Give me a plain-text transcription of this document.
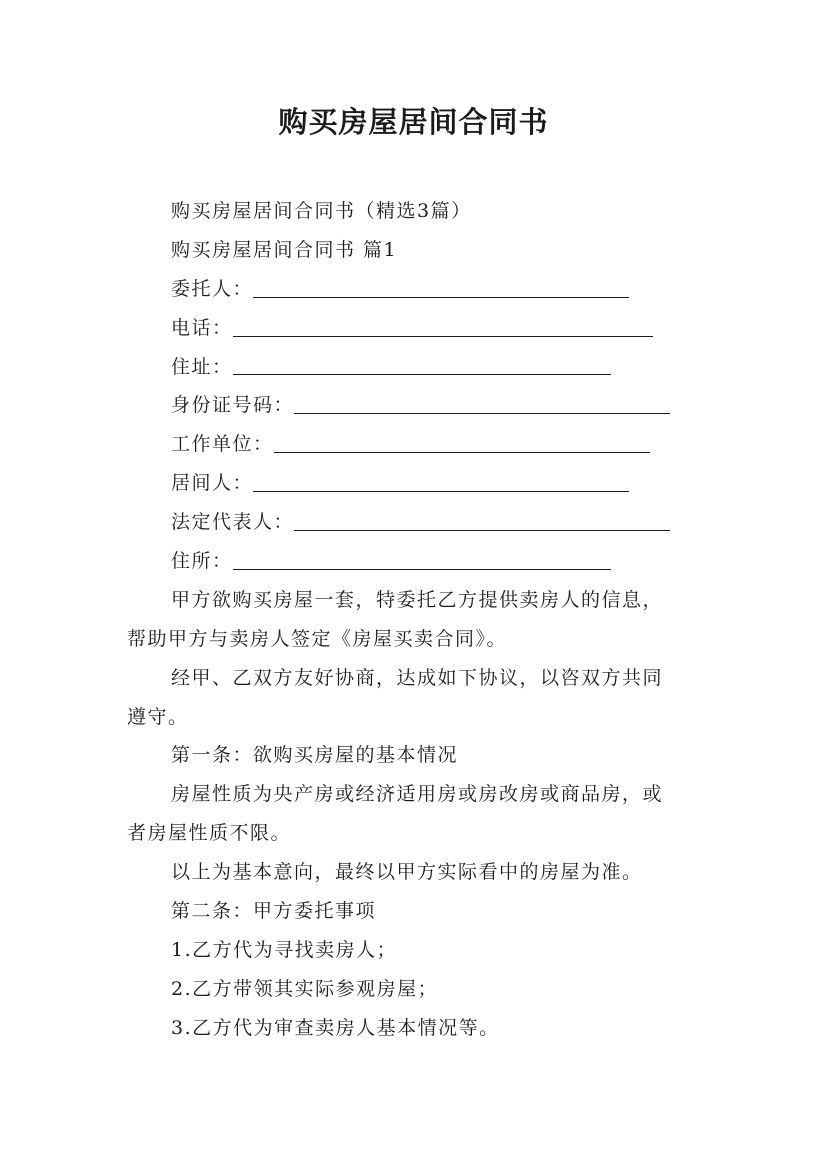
购买房屋居间合同书
购买房屋居间合同书（精选3篇）
购买房屋居间合同书 篇1
委托人：
电话：
住址：
身份证号码：
工作单位：
居间人：
法定代表人：
住所：
甲方欲购买房屋一套，特委托乙方提供卖房人的信息，
帮助甲方与卖房人签定《房屋买卖合同》。
经甲、乙双方友好协商，达成如下协议，以咨双方共同
遵守。
第一条：欲购买房屋的基本情况
房屋性质为央产房或经济适用房或房改房或商品房，或
者房屋性质不限。
以上为基本意向，最终以甲方实际看中的房屋为准。
第二条：甲方委托事项
1.乙方代为寻找卖房人；
2.乙方带领其实际参观房屋；
3.乙方代为审查卖房人基本情况等。
